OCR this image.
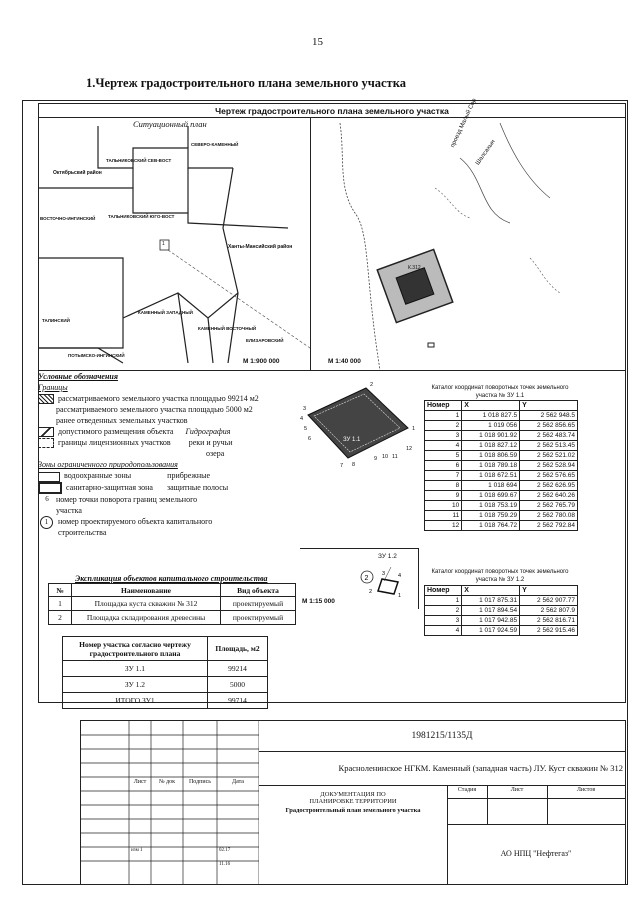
15
1.Чертеж градостроительного плана земельного участка
Чертеж градостроительного плана земельного участка
Ситуационный план
СЕВЕРО-КАМЕННЫЙ
ТАЛЬНИКОВСКИЙ СЕВ-ВОСТ
Октябрьский район
ВОСТОЧНО-ИНГИНСКИЙ	ТАЛЬНИКОВСКИЙ ЮГО-ВОСТ
Ханты-Мансийский район
ТАЛИНСКИЙ
КАМЕННЫЙ ЗАПАДНЫЙ
КАМЕННЫЙ ВОСТОЧНЫЙ
ЕЛИЗАРОВСКИЙ
ПОТЫМСКО-ИНГИНСКИЙ
1
М 1:900 000
проезд Малый Сор
Шалсахын
К.312
М 1:40 000
Условные обозначения
Границы
рассматриваемого земельного участка площадью 99214 м2
рассматриваемого земельного участка площадью 5000 м2
ранее отведенных земельных участков
допустимого размещения объекта Гидрография
границы лицензионных участков реки и ручьи
озера
Зоны ограниченного природопользования
водоохранные зоны	прибрежные
санитарно-защитная зона защитные полосы
6 номер точки поворота границ земельного участка
1	номер проектируемого объекта капитального строительства
2
3
4
5
6
7 8
9 10 11
12
1
ЗУ 1.1
Каталог координат поворотных точек земельного участка № ЗУ 1.1
Номер	X	Y
1	1 018 827.5	2 562 948.5
2	1 019 056	2 562 856.65
3	1 018 901.92	2 562 483.74
4	1 018 827.12	2 562 513.45
5	1 018 806.59	2 562 521.02
6	1 018 789.18	2 562 528.94
7	1 018 672.51	2 562 576.65
8	1 018 694	2 562 626.95
9	1 018 699.67	2 562 640.26
10	1 018 753.19	2 562 765.79
11	1 018 759.29	2 562 780.08
12	1 018 764.72	2 562 792.84
ЗУ 1.2
2
3 4
2
1
М 1:15 000
Каталог координат поворотных точек земельного участка № ЗУ 1.2
Номер	X	Y
1	1 017 875.31	2 562 907.77
2	1 017 894.54	2 562 807.9
3	1 017 942.85	2 562 816.71
4	1 017 924.59	2 562 915.46
Экспликация объектов капитального строительства
№	Наименование	Вид объекта
1	Площадка куста скважин № 312	проектируемый
2	Площадка складирования древесины	проектируемый
Номер участка согласно чертежу градостроительного плана	Площадь, м2
ЗУ 1.1	99214
ЗУ 1.2	5000
ИТОГО ЗУ1	99714
Лист	№ док	Подпись	Дата
изм 1	02.17
11.16
1981215/1135Д
Красноленинское НГКМ. Каменный (западная часть) ЛУ. Куст скважин № 312
ДОКУМЕНТАЦИЯ ПО
ПЛАНИРОВКЕ ТЕРРИТОРИИ
Градостроительный план земельного участка
Стадия	Лист	Листов
АО НПЦ "Нефтегаз"
